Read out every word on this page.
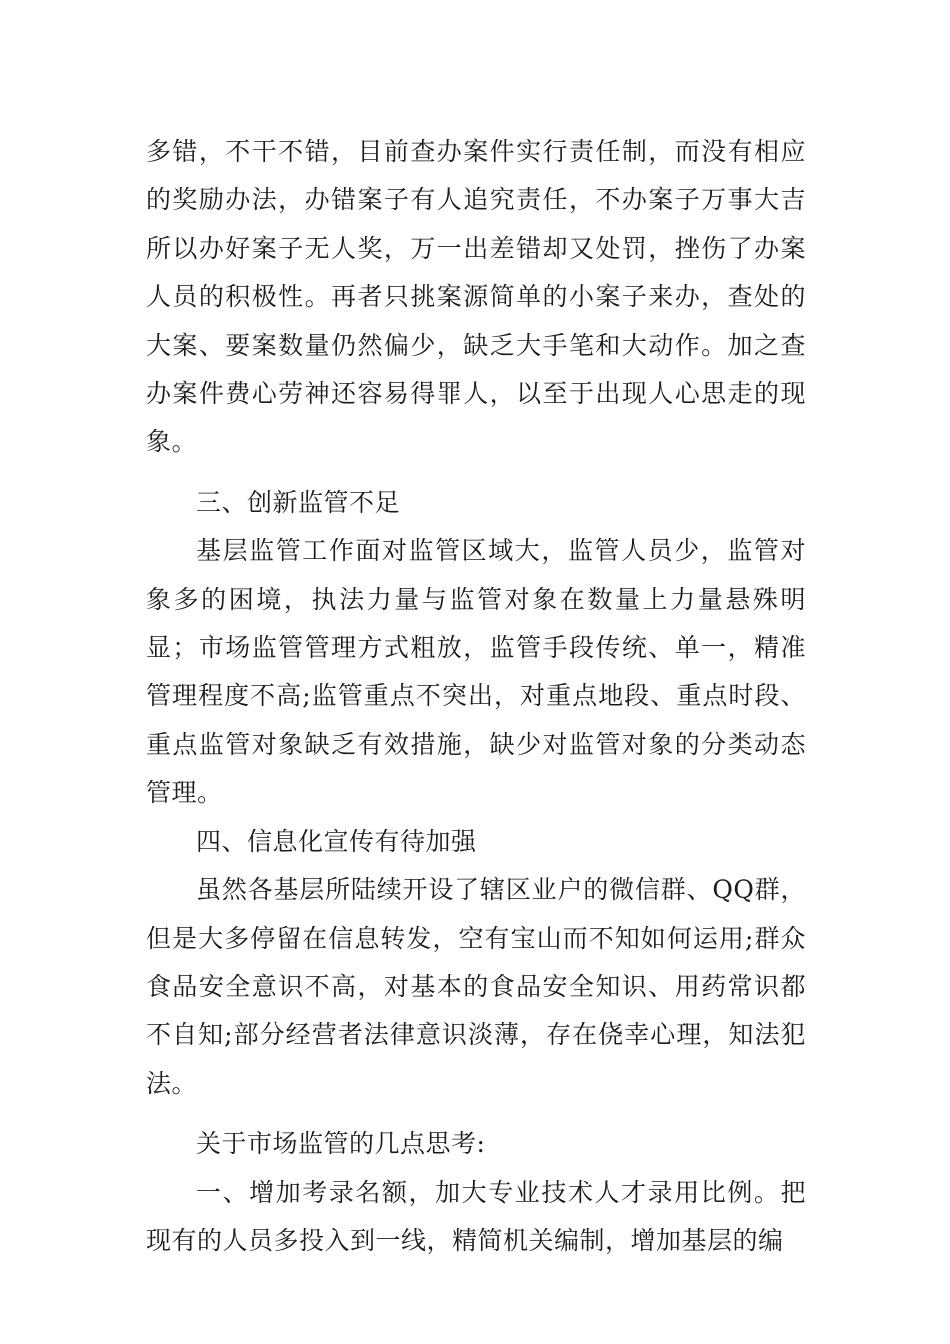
多错，不干不错，目前查办案件实行责任制，而没有相应的奖励办法，办错案子有人追究责任，不办案子万事大吉所以办好案子无人奖，万一出差错却又处罚，挫伤了办案人员的积极性。再者只挑案源简单的小案子来办，查处的大案、要案数量仍然偏少，缺乏大手笔和大动作。加之查办案件费心劳神还容易得罪人，以至于出现人心思走的现象。

三、创新监管不足

基层监管工作面对监管区域大，监管人员少，监管对象多的困境，执法力量与监管对象在数量上力量悬殊明显；市场监管管理方式粗放，监管手段传统、单一，精准管理程度不高;监管重点不突出，对重点地段、重点时段、重点监管对象缺乏有效措施，缺少对监管对象的分类动态管理。

四、信息化宣传有待加强

虽然各基层所陆续开设了辖区业户的微信群、QQ群，但是大多停留在信息转发，空有宝山而不知如何运用;群众食品安全意识不高，对基本的食品安全知识、用药常识都不自知;部分经营者法律意识淡薄，存在侥幸心理，知法犯法。

关于市场监管的几点思考:

一、增加考录名额，加大专业技术人才录用比例。把现有的人员多投入到一线，精简机关编制，增加基层的编
